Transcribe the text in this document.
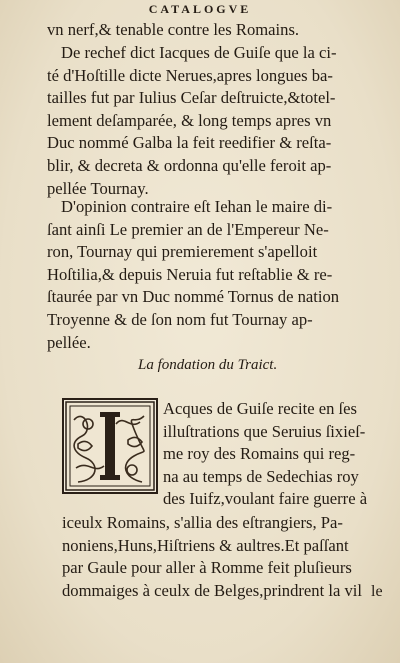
CATALOGVE
vn nerf,& tenable contre les Romains.
De rechef dict Iacques de Guiſe que la ci-
té d'Hoſtille dicte Nerues,apres longues ba-
tailles fut par Iulius Ceſar deſtruicte,&totel-
lement deſamparée, & long temps apres vn
Duc nommé Galba la feit reedifier & reſta-
blir, & decreta & ordonna qu'elle feroit ap-
pellée Tournay.
D'opinion contraire eſt Iehan le maire di-
ſant ainſi Le premier an de l'Empereur Ne-
ron, Tournay qui premierement s'apelloit
Hoſtilia,& depuis Neruia fut reſtablie & re-
ſtaurée par vn Duc nommé Tornus de nation
Troyenne & de ſon nom fut Tournay ap-
pellée.
Acques de Guiſe recite en ſes
illuſtrations que Seruius ſixieſ-
me roy des Romains qui reg-
na au temps de Sedechias roy
des Iuifz,voulant faire guerre à
iceulx Romains, s'allia des eſtrangiers, Pa-
noniens,Huns,Hiſtriens & aultres.Et paſſant
par Gaule pour aller à Romme feit pluſieurs
dommaiges à ceulx de Belges,prindrent la vil
La fondation du Traict.
le
